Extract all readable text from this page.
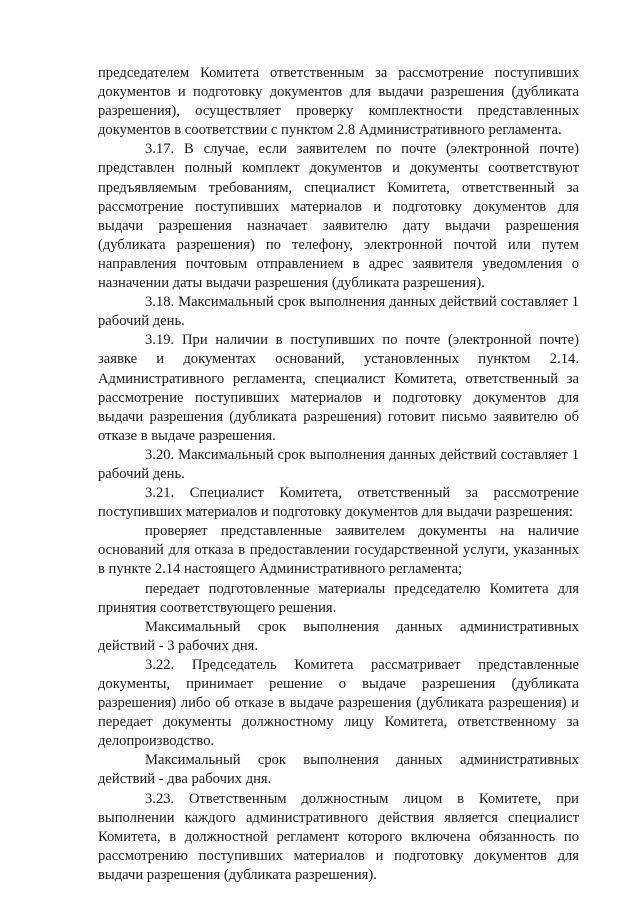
председателем Комитета ответственным за рассмотрение поступивших документов и подготовку документов для выдачи разрешения (дубликата разрешения), осуществляет проверку комплектности представленных документов в соответствии с пунктом 2.8 Административного регламента.

3.17. В случае, если заявителем по почте (электронной почте) представлен полный комплект документов и документы соответствуют предъявляемым требованиям, специалист Комитета, ответственный за рассмотрение поступивших материалов и подготовку документов для выдачи разрешения назначает заявителю дату выдачи разрешения (дубликата разрешения) по телефону, электронной почтой или путем направления почтовым отправлением в адрес заявителя уведомления о назначении даты выдачи разрешения (дубликата разрешения).

3.18. Максимальный срок выполнения данных действий составляет 1 рабочий день.

3.19. При наличии в поступивших по почте (электронной почте) заявке и документах оснований, установленных пунктом 2.14. Административного регламента, специалист Комитета, ответственный за рассмотрение поступивших материалов и подготовку документов для выдачи разрешения (дубликата разрешения) готовит письмо заявителю об отказе в выдаче разрешения.

3.20. Максимальный срок выполнения данных действий составляет 1 рабочий день.

3.21. Специалист Комитета, ответственный за рассмотрение поступивших материалов и подготовку документов для выдачи разрешения:

проверяет представленные заявителем документы на наличие оснований для отказа в предоставлении государственной услуги, указанных в пункте 2.14 настоящего Административного регламента;

передает подготовленные материалы председателю Комитета для принятия соответствующего решения.

Максимальный срок выполнения данных административных действий - 3 рабочих дня.

3.22. Председатель Комитета рассматривает представленные документы, принимает решение о выдаче разрешения (дубликата разрешения) либо об отказе в выдаче разрешения (дубликата разрешения) и передает документы должностному лицу Комитета, ответственному за делопроизводство.

Максимальный срок выполнения данных административных действий - два рабочих дня.

3.23. Ответственным должностным лицом в Комитете, при выполнении каждого административного действия является специалист Комитета, в должностной регламент которого включена обязанность по рассмотрению поступивших материалов и подготовку документов для выдачи разрешения (дубликата разрешения).
